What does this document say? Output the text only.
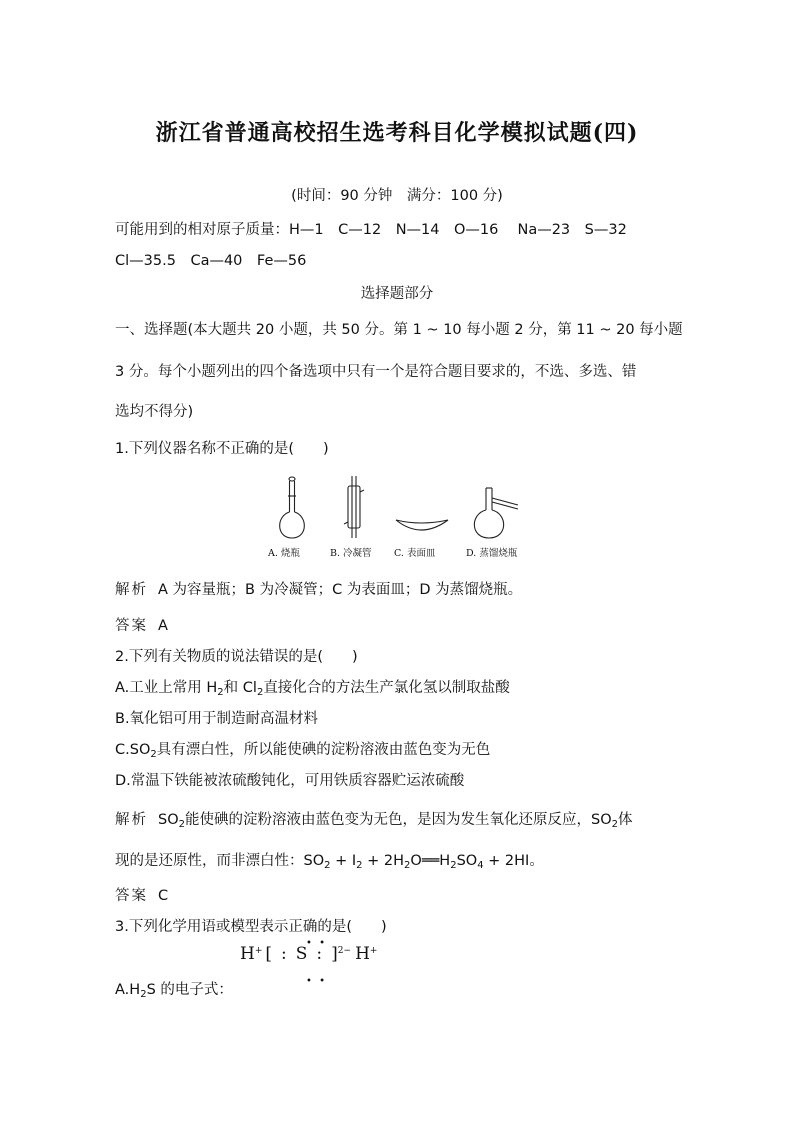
浙江省普通高校招生选考科目化学模拟试题(四)
(时间：90 分钟　满分：100 分)
可能用到的相对原子质量：H—1　C—12　N—14　O—16　 Na—23　S—32
Cl—35.5　Ca—40　Fe—56
选择题部分
一、选择题(本大题共 20 小题，共 50 分。第 1 ~ 10 每小题 2 分，第 11 ~ 20 每小题
3 分。每个小题列出的四个备选项中只有一个是符合题目要求的，不选、多选、错
选均不得分)
1.下列仪器名称不正确的是(　　)
A. 烧瓶	B. 冷凝管 C. 表面皿	D. 蒸馏烧瓶
解析 A 为容量瓶；B 为冷凝管；C 为表面皿；D 为蒸馏烧瓶。
答案 A
2.下列有关物质的说法错误的是(　　)
A.工业上常用 $H_2$和 $Cl_2$直接化合的方法生产氯化氢以制取盐酸
B.氧化铝可用于制造耐高温材料
$C.SO_2$具有漂白性，所以能使碘的淀粉溶液由蓝色变为无色
D.常温下铁能被浓硫酸钝化，可用铁质容器贮运浓硫酸
解析 $SO_2$能使碘的淀粉溶液由蓝色变为无色，是因为发生氧化还原反应，$SO_2$体
现的是还原性，而非漂白性：$SO_2 + I_2$ + $2H_2O══H_2SO_4 + 2HI$。
答案 C
3.下列化学用语或模型表示正确的是(　　)
$A.H_2S$ 的电子式：
H+ [ : S : ]2− H+
• •
• •
